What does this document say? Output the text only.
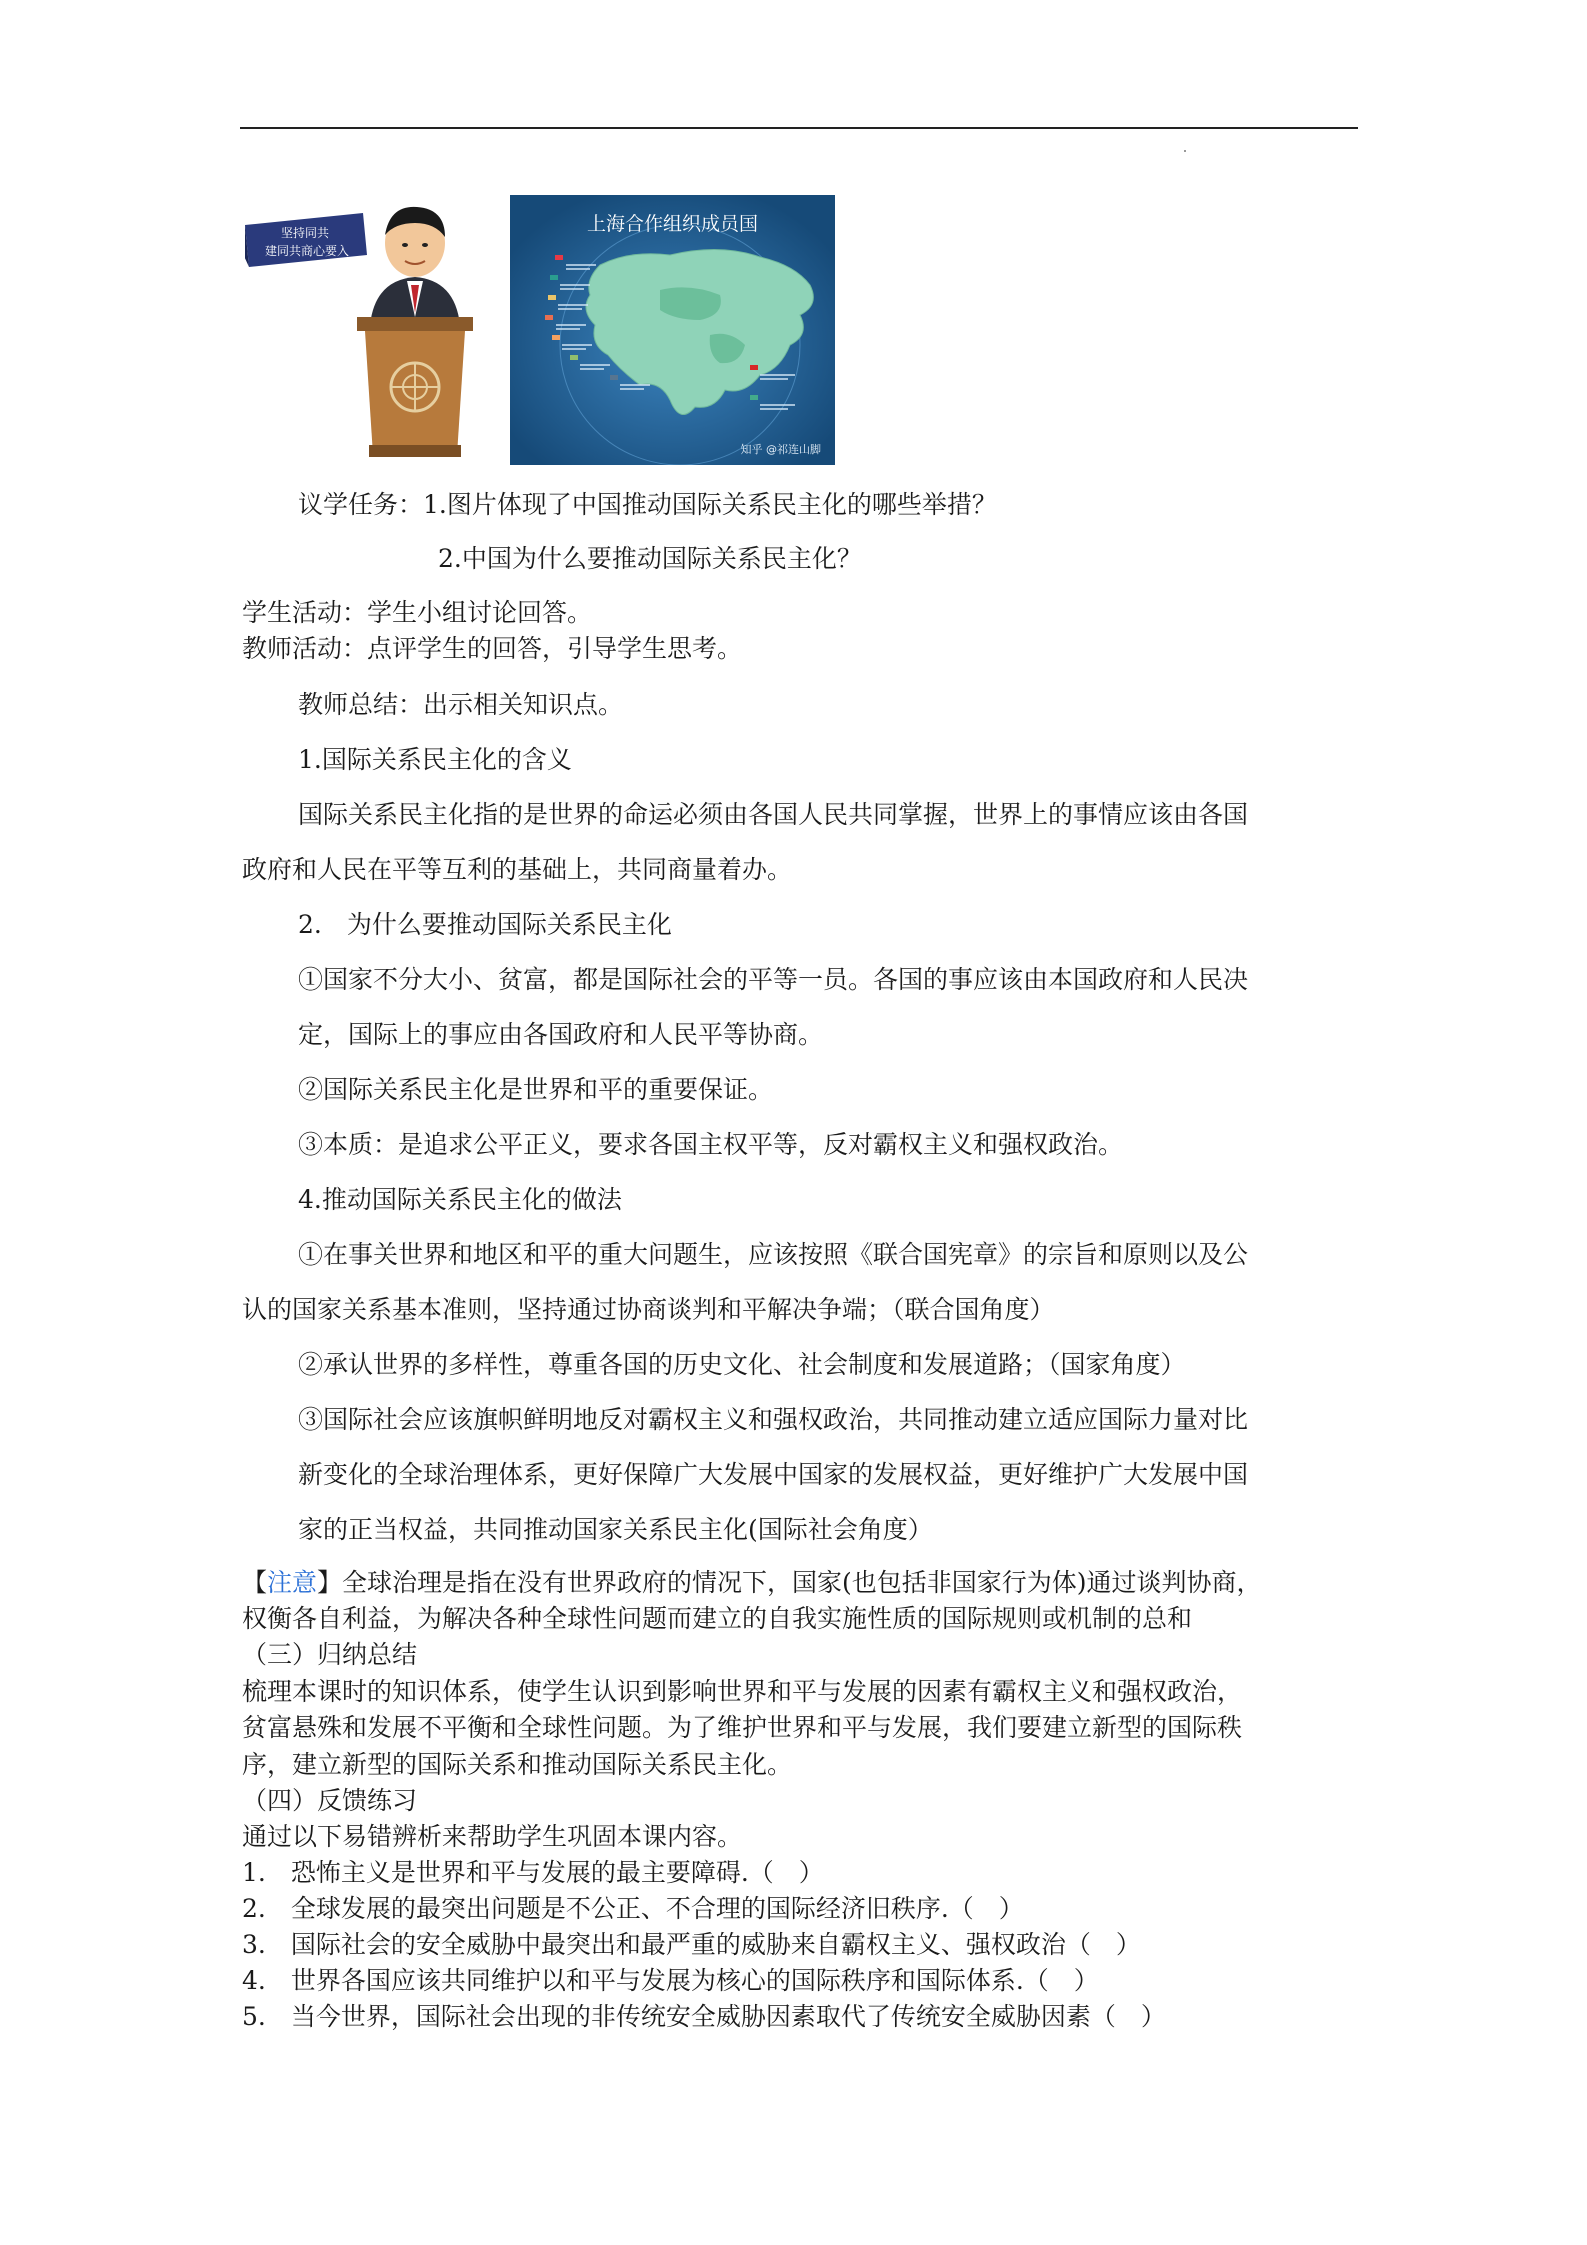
坚持同共
建同共商心要入
上海合作组织成员国
知乎 @祁连山脚
议学任务：1.图片体现了中国推动国际关系民主化的哪些举措？
2.中国为什么要推动国际关系民主化？
学生活动：学生小组讨论回答。
教师活动：点评学生的回答，引导学生思考。
教师总结：出示相关知识点。
1.国际关系民主化的含义
国际关系民主化指的是世界的命运必须由各国人民共同掌握，世界上的事情应该由各国
政府和人民在平等互利的基础上，共同商量着办。
2.　为什么要推动国际关系民主化
①国家不分大小、贫富，都是国际社会的平等一员。各国的事应该由本国政府和人民决
定，国际上的事应由各国政府和人民平等协商。
②国际关系民主化是世界和平的重要保证。
③本质：是追求公平正义，要求各国主权平等，反对霸权主义和强权政治。
4.推动国际关系民主化的做法
①在事关世界和地区和平的重大问题生，应该按照《联合国宪章》的宗旨和原则以及公
认的国家关系基本准则，坚持通过协商谈判和平解决争端；（联合国角度）
②承认世界的多样性，尊重各国的历史文化、社会制度和发展道路；（国家角度）
③国际社会应该旗帜鲜明地反对霸权主义和强权政治，共同推动建立适应国际力量对比
新变化的全球治理体系，更好保障广大发展中国家的发展权益，更好维护广大发展中国
家的正当权益，共同推动国家关系民主化(国际社会角度）
【注意】全球治理是指在没有世界政府的情况下，国家(也包括非国家行为体)通过谈判协商，
权衡各自利益，为解决各种全球性问题而建立的自我实施性质的国际规则或机制的总和
（三）归纳总结
梳理本课时的知识体系，使学生认识到影响世界和平与发展的因素有霸权主义和强权政治，
贫富悬殊和发展不平衡和全球性问题。为了维护世界和平与发展，我们要建立新型的国际秩
序，建立新型的国际关系和推动国际关系民主化。
（四）反馈练习
通过以下易错辨析来帮助学生巩固本课内容。
1.　恐怖主义是世界和平与发展的最主要障碍.（　）
2.　全球发展的最突出问题是不公正、不合理的国际经济旧秩序.（　）
3.　国际社会的安全威胁中最突出和最严重的威胁来自霸权主义、强权政治（　）
4.　世界各国应该共同维护以和平与发展为核心的国际秩序和国际体系.（　）
5.　当今世界，国际社会出现的非传统安全威胁因素取代了传统安全威胁因素（　）
